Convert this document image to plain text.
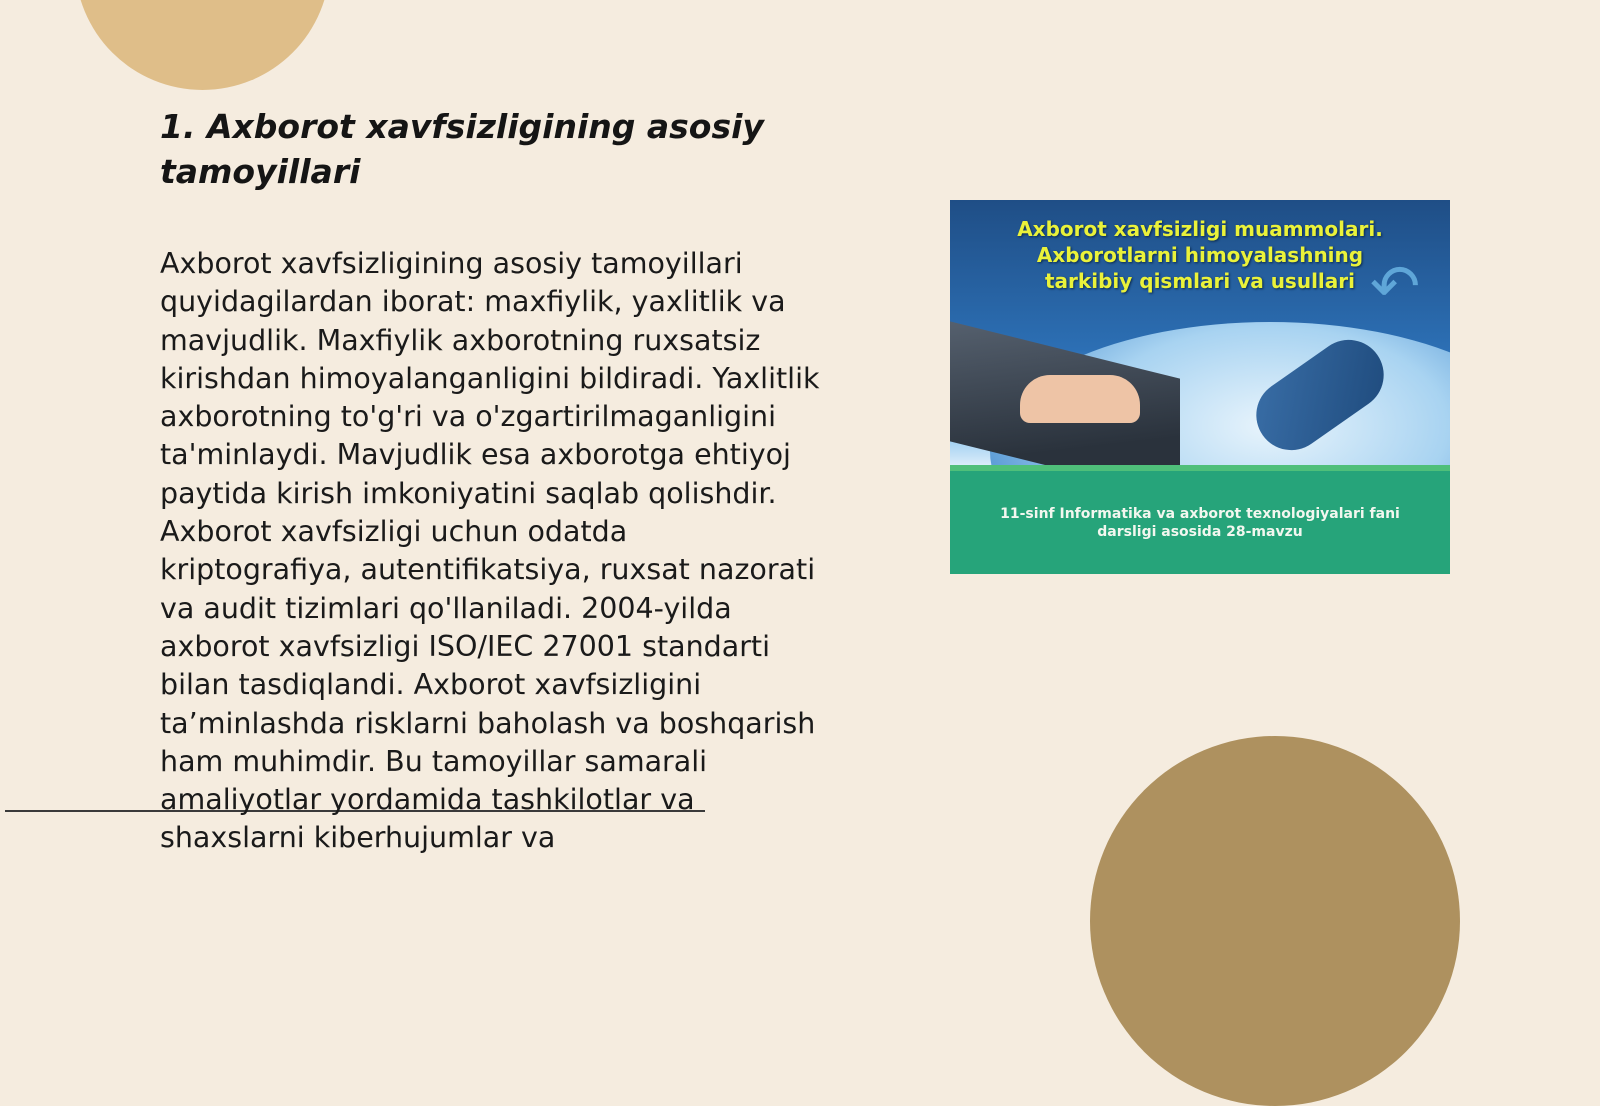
1. Axborot xavfsizligining asosiy tamoyillari

Axborot xavfsizligining asosiy tamoyillari quyidagilardan iborat: maxfiylik, yaxlitlik va mavjudlik. Maxfiylik axborotning ruxsatsiz kirishdan himoyalanganligini bildiradi. Yaxlitlik axborotning to'g'ri va o'zgartirilmaganligini ta'minlaydi. Mavjudlik esa axborotga ehtiyoj paytida kirish imkoniyatini saqlab qolishdir. Axborot xavfsizligi uchun odatda kriptografiya, autentifikatsiya, ruxsat nazorati va audit tizimlari qo'llaniladi. 2004-yilda axborot xavfsizligi ISO/IEC 27001 standarti bilan tasdiqlandi. Axborot xavfsizligini ta’minlashda risklarni baholash va boshqarish ham muhimdir. Bu tamoyillar samarali amaliyotlar yordamida tashkilotlar va shaxslarni kiberhujumlar va

↶

Axborot xavfsizligi muammolari. Axborotlarni himoyalashning tarkibiy qismlari va usullari

11-sinf Informatika va axborot texnologiyalari fani darsligi asosida 28-mavzu
